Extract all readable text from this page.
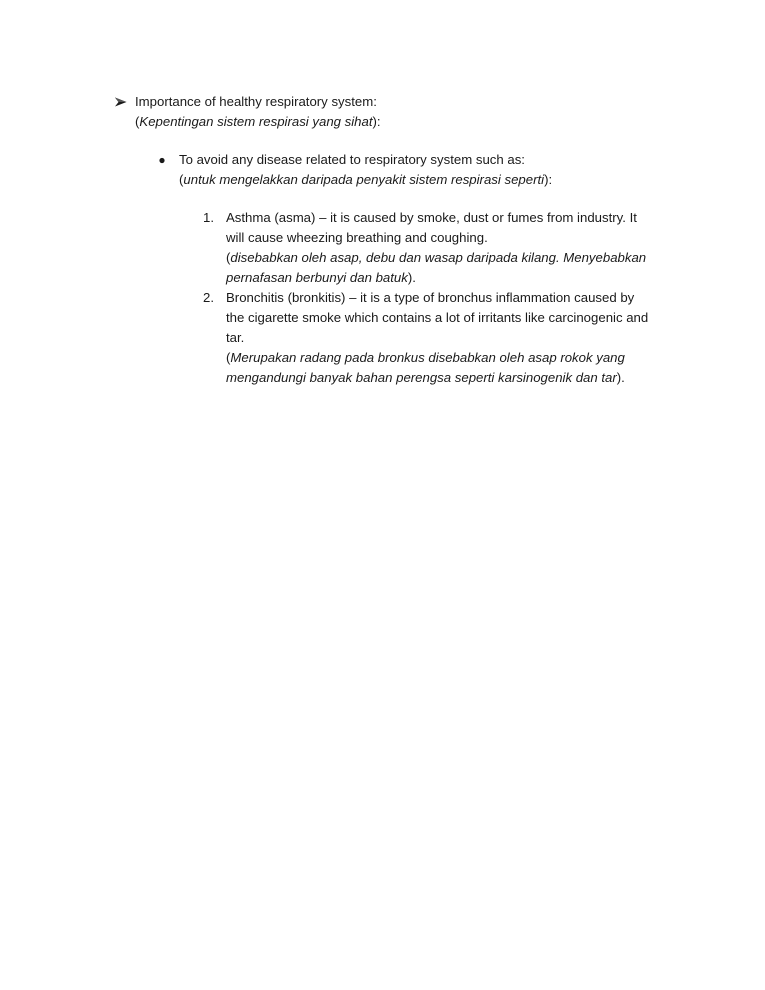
Importance of healthy respiratory system:
(Kepentingan sistem respirasi yang sihat):
To avoid any disease related to respiratory system such as:
(untuk mengelakkan daripada penyakit sistem respirasi seperti):
1. Asthma (asma) – it is caused by smoke, dust or fumes from industry. It
will cause wheezing breathing and coughing.
(disebabkan oleh asap, debu dan wasap daripada kilang. Menyebabkan
pernafasan berbunyi dan batuk).
2. Bronchitis (bronkitis) – it is a type of bronchus inflammation caused by
the cigarette smoke which contains a lot of irritants like carcinogenic and
tar.
(Merupakan radang pada bronkus disebabkan oleh asap rokok yang
mengandungi banyak bahan perengsa seperti karsinogenik dan tar).
